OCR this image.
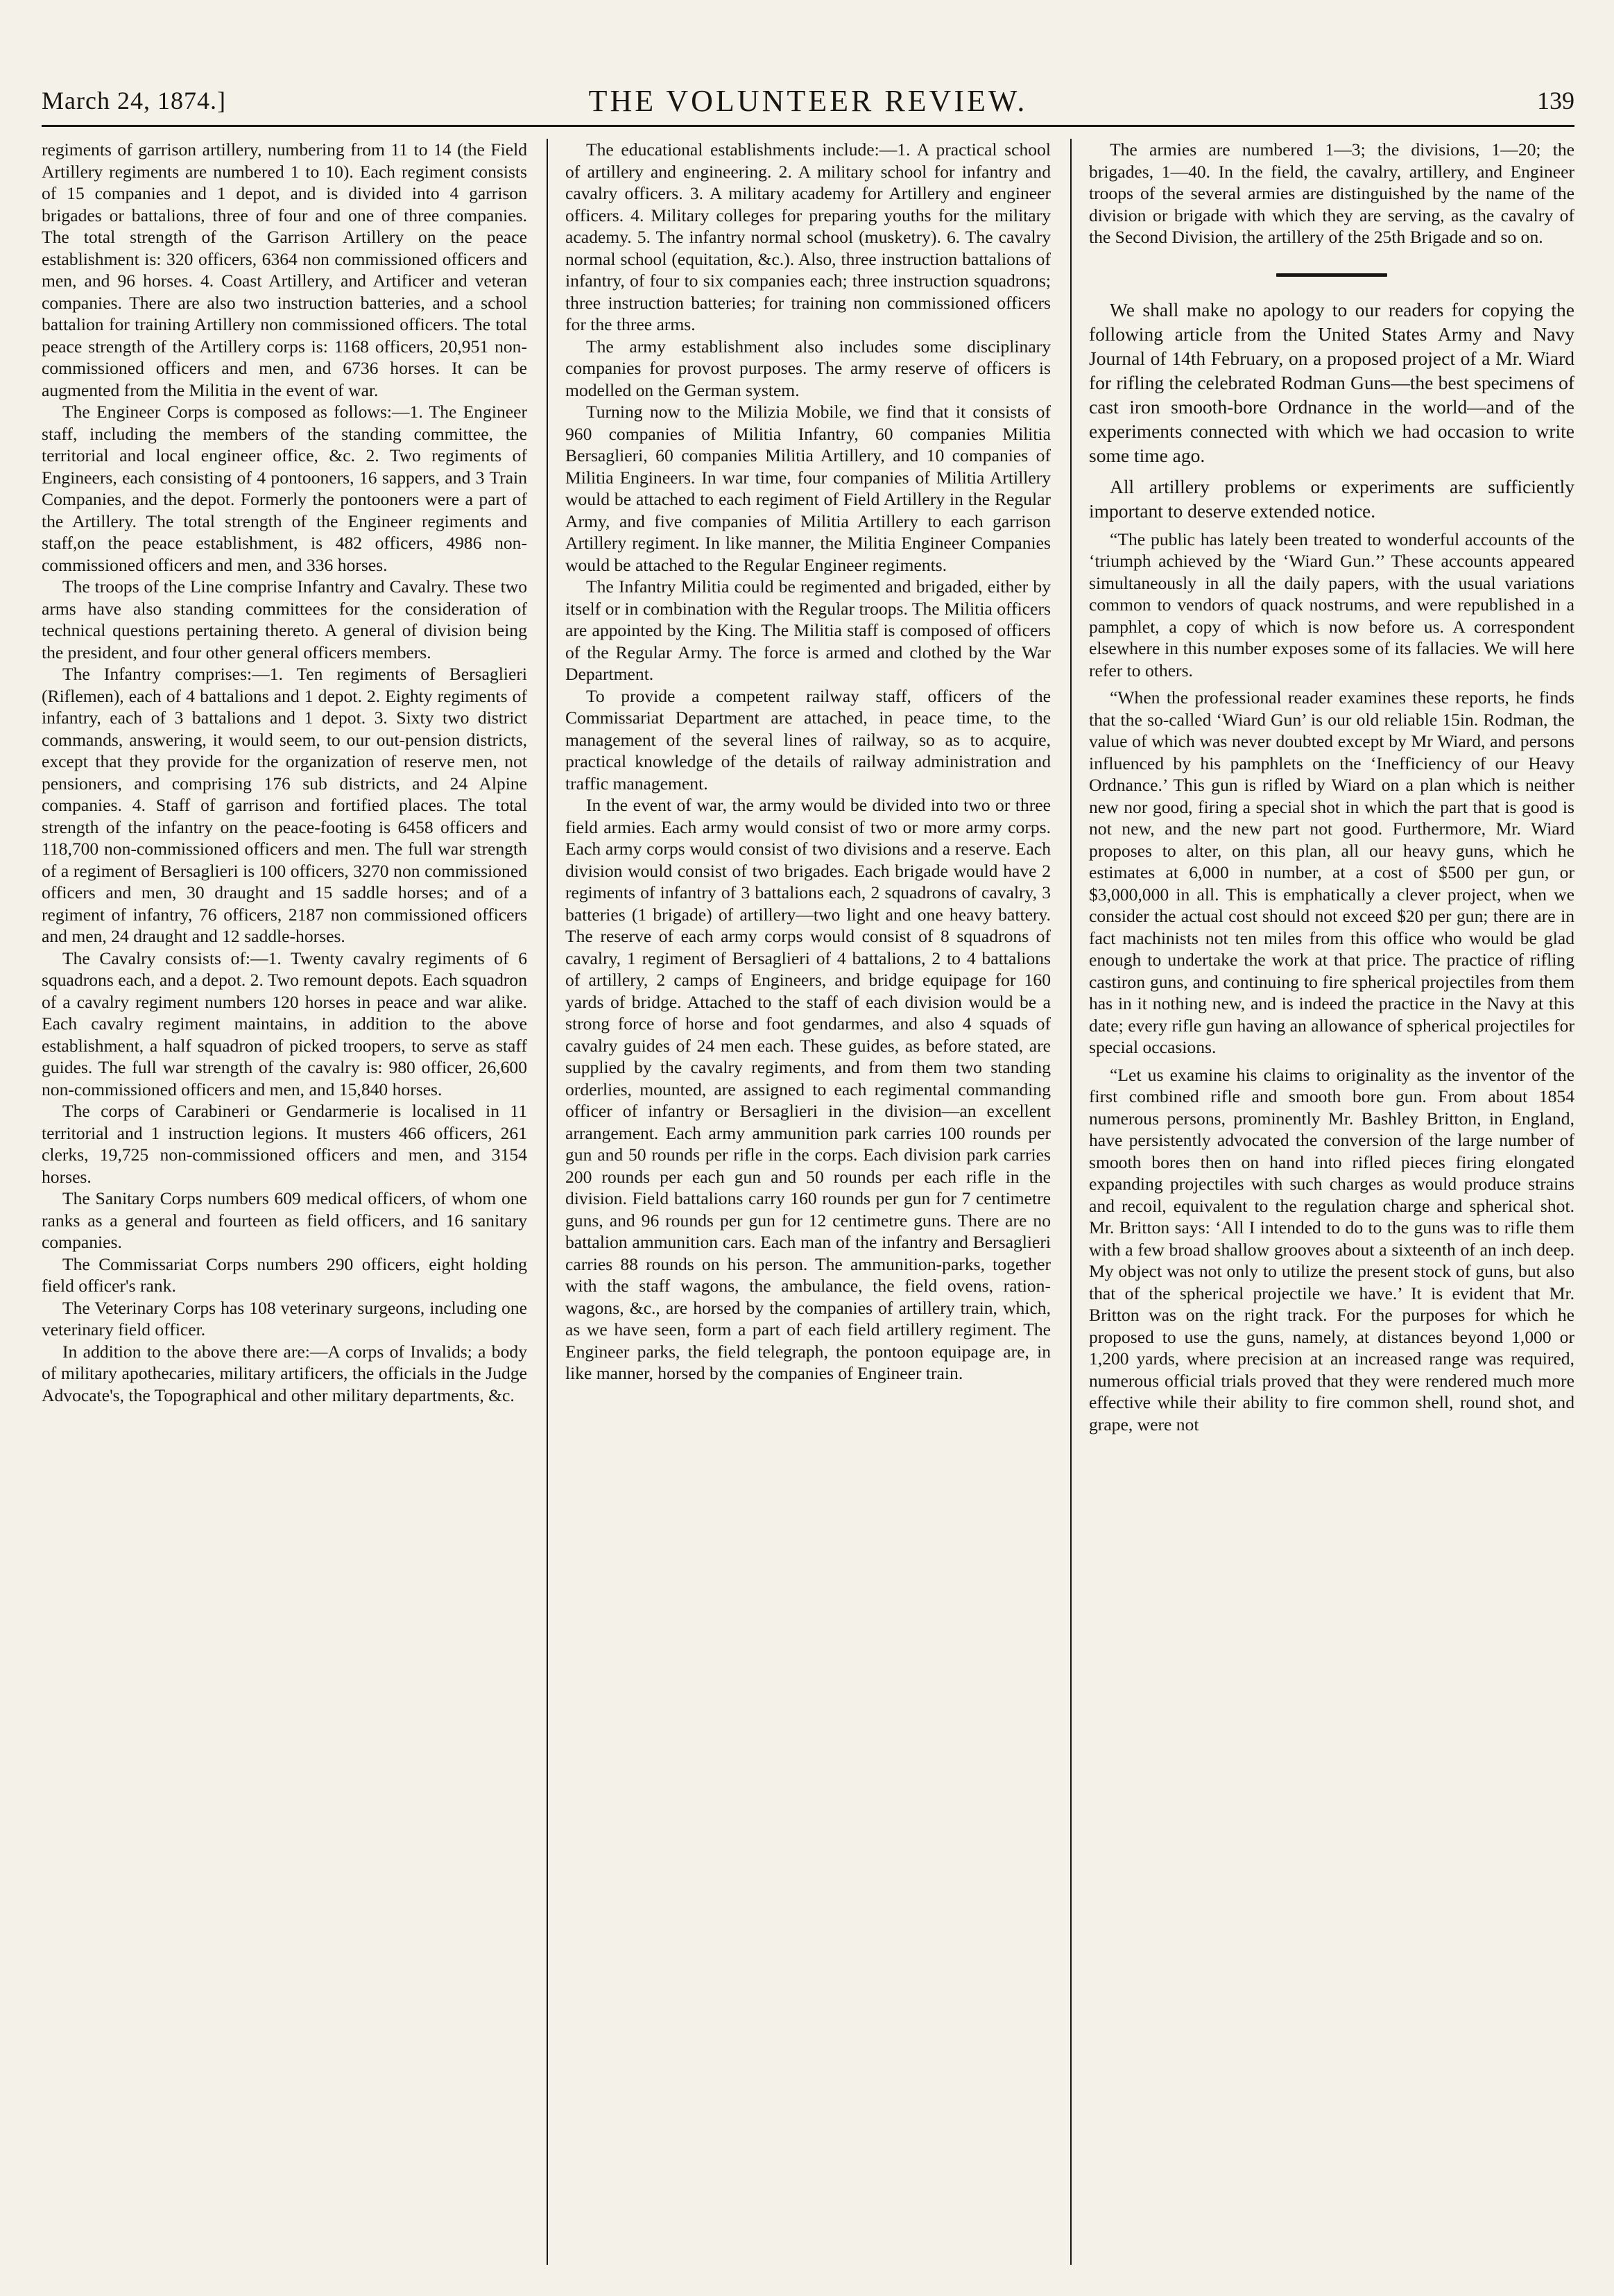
March 24, 1874.]	THE VOLUNTEER REVIEW.	139

regiments of garrison artillery, numbering from 11 to 14 (the Field Artillery regiments are numbered 1 to 10). Each regiment consists of 15 companies and 1 depot, and is divided into 4 garrison brigades or battalions, three of four and one of three companies. The total strength of the Garrison Artillery on the peace establishment is: 320 officers, 6364 non commissioned officers and men, and 96 horses. 4. Coast Artillery, and Artificer and veteran companies. There are also two instruction batteries, and a school battalion for training Artillery non commissioned officers. The total peace strength of the Artillery corps is: 1168 officers, 20,951 non-commissioned officers and men, and 6736 horses. It can be augmented from the Militia in the event of war.

The Engineer Corps is composed as follows:—1. The Engineer staff, including the members of the standing committee, the territorial and local engineer office, &c. 2. Two regiments of Engineers, each consisting of 4 pontooners, 16 sappers, and 3 Train Companies, and the depot. Formerly the pontooners were a part of the Artillery. The total strength of the Engineer regiments and staff,on the peace establishment, is 482 officers, 4986 non-commissioned officers and men, and 336 horses.

The troops of the Line comprise Infantry and Cavalry. These two arms have also standing committees for the consideration of technical questions pertaining thereto. A general of division being the president, and four other general officers members.

The Infantry comprises:—1. Ten regiments of Bersaglieri (Riflemen), each of 4 battalions and 1 depot. 2. Eighty regiments of infantry, each of 3 battalions and 1 depot. 3. Sixty two district commands, answering, it would seem, to our out-pension districts, except that they provide for the organization of reserve men, not pensioners, and comprising 176 sub districts, and 24 Alpine companies. 4. Staff of garrison and fortified places. The total strength of the infantry on the peace-footing is 6458 officers and 118,700 non-commissioned officers and men. The full war strength of a regiment of Bersaglieri is 100 officers, 3270 non commissioned officers and men, 30 draught and 15 saddle horses; and of a regiment of infantry, 76 officers, 2187 non commissioned officers and men, 24 draught and 12 saddle-horses.

The Cavalry consists of:—1. Twenty cavalry regiments of 6 squadrons each, and a depot. 2. Two remount depots. Each squadron of a cavalry regiment numbers 120 horses in peace and war alike. Each cavalry regiment maintains, in addition to the above establishment, a half squadron of picked troopers, to serve as staff guides. The full war strength of the cavalry is: 980 officer, 26,600 non-commissioned officers and men, and 15,840 horses.

The corps of Carabineri or Gendarmerie is localised in 11 territorial and 1 instruction legions. It musters 466 officers, 261 clerks, 19,725 non-commissioned officers and men, and 3154 horses.

The Sanitary Corps numbers 609 medical officers, of whom one ranks as a general and fourteen as field officers, and 16 sanitary companies.

The Commissariat Corps numbers 290 officers, eight holding field officer's rank.

The Veterinary Corps has 108 veterinary surgeons, including one veterinary field officer.

In addition to the above there are:—A corps of Invalids; a body of military apothecaries, military artificers, the officials in the Judge Advocate's, the Topographical and other military departments, &c.

The educational establishments include:—1. A practical school of artillery and engineering. 2. A military school for infantry and cavalry officers. 3. A military academy for Artillery and engineer officers. 4. Military colleges for preparing youths for the military academy. 5. The infantry normal school (musketry). 6. The cavalry normal school (equitation, &c.). Also, three instruction battalions of infantry, of four to six companies each; three instruction squadrons; three instruction batteries; for training non commissioned officers for the three arms.

The army establishment also includes some disciplinary companies for provost purposes. The army reserve of officers is modelled on the German system.

Turning now to the Milizia Mobile, we find that it consists of 960 companies of Militia Infantry, 60 companies Militia Bersaglieri, 60 companies Militia Artillery, and 10 companies of Militia Engineers. In war time, four companies of Militia Artillery would be attached to each regiment of Field Artillery in the Regular Army, and five companies of Militia Artillery to each garrison Artillery regiment. In like manner, the Militia Engineer Companies would be attached to the Regular Engineer regiments.

The Infantry Militia could be regimented and brigaded, either by itself or in combination with the Regular troops. The Militia officers are appointed by the King. The Militia staff is composed of officers of the Regular Army. The force is armed and clothed by the War Department.

To provide a competent railway staff, officers of the Commissariat Department are attached, in peace time, to the management of the several lines of railway, so as to acquire, practical knowledge of the details of railway administration and traffic management.

In the event of war, the army would be divided into two or three field armies. Each army would consist of two or more army corps. Each army corps would consist of two divisions and a reserve. Each division would consist of two brigades. Each brigade would have 2 regiments of infantry of 3 battalions each, 2 squadrons of cavalry, 3 batteries (1 brigade) of artillery—two light and one heavy battery. The reserve of each army corps would consist of 8 squadrons of cavalry, 1 regiment of Bersaglieri of 4 battalions, 2 to 4 battalions of artillery, 2 camps of Engineers, and bridge equipage for 160 yards of bridge. Attached to the staff of each division would be a strong force of horse and foot gendarmes, and also 4 squads of cavalry guides of 24 men each. These guides, as before stated, are supplied by the cavalry regiments, and from them two standing orderlies, mounted, are assigned to each regimental commanding officer of infantry or Bersaglieri in the division—an excellent arrangement. Each army ammunition park carries 100 rounds per gun and 50 rounds per rifle in the corps. Each division park carries 200 rounds per each gun and 50 rounds per each rifle in the division. Field battalions carry 160 rounds per gun for 7 centimetre guns, and 96 rounds per gun for 12 centimetre guns. There are no battalion ammunition cars. Each man of the infantry and Bersaglieri carries 88 rounds on his person. The ammunition-parks, together with the staff wagons, the ambulance, the field ovens, ration-wagons, &c., are horsed by the companies of artillery train, which, as we have seen, form a part of each field artillery regiment. The Engineer parks, the field telegraph, the pontoon equipage are, in like manner, horsed by the companies of Engineer train.

The armies are numbered 1—3; the divisions, 1—20; the brigades, 1—40. In the field, the cavalry, artillery, and Engineer troops of the several armies are distinguished by the name of the division or brigade with which they are serving, as the cavalry of the Second Division, the artillery of the 25th Brigade and so on.

We shall make no apology to our readers for copying the following article from the United States Army and Navy Journal of 14th February, on a proposed project of a Mr. Wiard for rifling the celebrated Rodman Guns—the best specimens of cast iron smooth-bore Ordnance in the world—and of the experiments connected with which we had occasion to write some time ago.

All artillery problems or experiments are sufficiently important to deserve extended notice.

“The public has lately been treated to wonderful accounts of the ‘triumph achieved by the ‘Wiard Gun.’’ These accounts appeared simultaneously in all the daily papers, with the usual variations common to vendors of quack nostrums, and were republished in a pamphlet, a copy of which is now before us. A correspondent elsewhere in this number exposes some of its fallacies. We will here refer to others.

“When the professional reader examines these reports, he finds that the so-called ‘Wiard Gun’ is our old reliable 15in. Rodman, the value of which was never doubted except by Mr Wiard, and persons influenced by his pamphlets on the ‘Inefficiency of our Heavy Ordnance.’ This gun is rifled by Wiard on a plan which is neither new nor good, firing a special shot in which the part that is good is not new, and the new part not good. Furthermore, Mr. Wiard proposes to alter, on this plan, all our heavy guns, which he estimates at 6,000 in number, at a cost of $500 per gun, or $3,000,000 in all. This is emphatically a clever project, when we consider the actual cost should not exceed $20 per gun; there are in fact machinists not ten miles from this office who would be glad enough to undertake the work at that price. The practice of rifling castiron guns, and continuing to fire spherical projectiles from them has in it nothing new, and is indeed the practice in the Navy at this date; every rifle gun having an allowance of spherical projectiles for special occasions.

“Let us examine his claims to originality as the inventor of the first combined rifle and smooth bore gun. From about 1854 numerous persons, prominently Mr. Bashley Britton, in England, have persistently advocated the conversion of the large number of smooth bores then on hand into rifled pieces firing elongated expanding projectiles with such charges as would produce strains and recoil, equivalent to the regulation charge and spherical shot. Mr. Britton says: ‘All I intended to do to the guns was to rifle them with a few broad shallow grooves about a sixteenth of an inch deep. My object was not only to utilize the present stock of guns, but also that of the spherical projectile we have.’ It is evident that Mr. Britton was on the right track. For the purposes for which he proposed to use the guns, namely, at distances beyond 1,000 or 1,200 yards, where precision at an increased range was required, numerous official trials proved that they were rendered much more effective while their ability to fire common shell, round shot, and grape, were not
